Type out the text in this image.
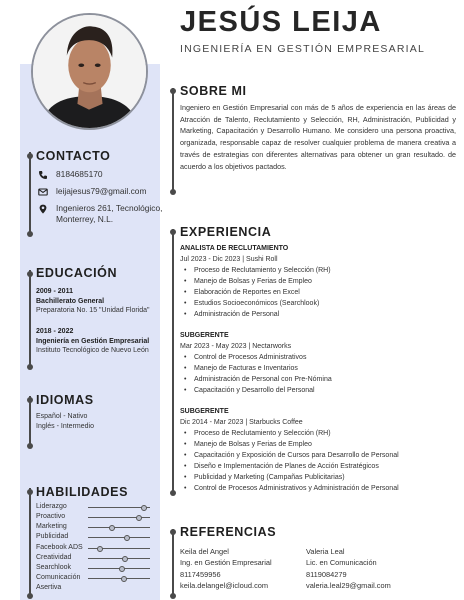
JESÚS LEIJA
INGENIERÍA EN GESTIÓN EMPRESARIAL
CONTACTO
8184685170
leijajesus79@gmail.com
Ingenieros 261, Tecnológico, Monterrey, N.L.
EDUCACIÓN
2009 - 2011
Bachillerato General
Preparatoria No. 15 "Unidad Florida"
2018 - 2022
Ingeniería en Gestión Empresarial
Instituto Tecnológico de Nuevo León
IDIOMAS
Español - Nativo
Inglés - Intermedio
HABILIDADES
Liderazgo
Proactivo
Marketing
Publicidad
Facebook ADS
Creatividad
Searchlook
Comunicación
Asertiva
SOBRE MI
Ingeniero en Gestión Empresarial con más de 5 años de experiencia en las áreas de Atracción de Talento, Reclutamiento y Selección, RH, Administración, Publicidad y Marketing, Capacitación y Desarrollo Humano. Me considero una persona proactiva, organizada, responsable capaz de resolver cualquier problema de manera creativa a través de estrategias con diferentes alternativas para obtener un gran resultado. de acuerdo a los objetivos pactados.
EXPERIENCIA
ANALISTA DE RECLUTAMIENTO
Jul 2023 - Dic 2023 | Sushi Roll
• Proceso de Reclutamiento y Selección (RH)
• Manejo de Bolsas y Ferias de Empleo
• Elaboración de Reportes en Excel
• Estudios Socioeconómicos (Searchlook)
• Administración de Personal
SUBGERENTE
Mar 2023 - May 2023 | Nectarworks
• Control de Procesos Administrativos
• Manejo de Facturas e Inventarios
• Administración de Personal con Pre-Nómina
• Capacitación y Desarrollo del Personal
SUBGERENTE
Dic 2014 - Mar 2023 | Starbucks Coffee
• Proceso de Reclutamiento y Selección (RH)
• Manejo de Bolsas y Ferias de Empleo
• Capacitación y Exposición de Cursos para Desarrollo de Personal
• Diseño e Implementación de Planes de Acción Estratégicos
• Publicidad y Marketing (Campañas Publicitarias)
• Control de Procesos Administrativos y Administración de Personal
REFERENCIAS
Keila del Angel
Ing. en Gestión Empresarial
8117459956
keila.delangel@icloud.com
Valeria Leal
Lic. en Comunicación
8119084279
valeria.leal29@gmail.com
